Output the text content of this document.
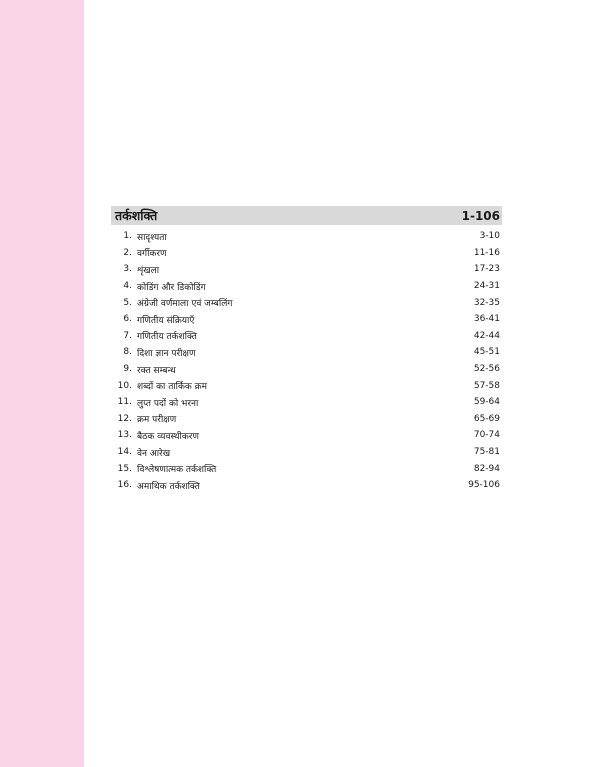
तर्कशक्ति	1-106
1. सादृश्यता	3-10
2. वर्गीकरण	11-16
3. शृंखला	17-23
4. कोडिंग और डिकोडिंग	24-31
5. अंग्रेजी वर्णमाला एवं जम्बलिंग	32-35
6. गणितीय संक्रियाएँ	36-41
7. गणितीय तर्कशक्ति	42-44
8. दिशा ज्ञान परीक्षण	45-51
9. रक्त सम्बन्ध	52-56
10. शब्दों का तार्किक क्रम	57-58
11. लुप्त पदों को भरना	59-64
12. क्रम परीक्षण	65-69
13. बैठक व्यवस्थीकरण	70-74
14. वेन आरेख	75-81
15. विश्लेषणात्मक तर्कशक्ति	82-94
16. अमाथिक तर्कशक्ति	95-106
